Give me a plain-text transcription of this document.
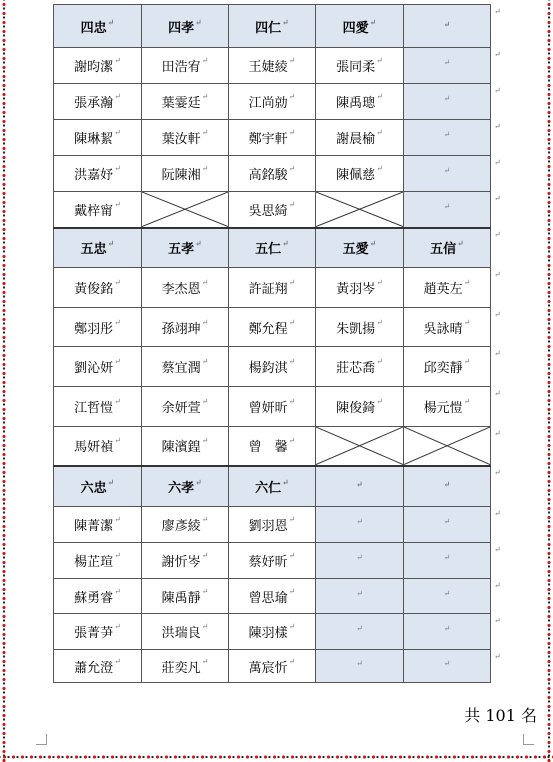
四忠↵	四孝↵	四仁↵	四愛↵	↵
謝昀潔↵	田浩宥↵	王婕綾↵	張同柔↵	↵
張承瀚↵	葉霎廷↵	江尚勍↵	陳禹璁↵	↵
陳琳絜↵	葉汝軒↵	鄭宇軒↵	謝晨榆↵	↵
洪嘉妤↵	阮陳湘↵	高銘駿↵	陳佩慈↵	↵
戴梓甯↵		吳思綺↵		↵
五忠↵	五孝↵	五仁↵	五愛↵	五信↵
黃俊銘↵	李杰恩↵	許証翔↵	黃羽岑↵	趙英左↵
鄭羽彤↵	孫翊珅↵	鄭允程↵	朱凱揚↵	吳詠晴↵
劉沁妍↵	蔡宜潤↵	楊鈞淇↵	莊芯喬↵	邱奕靜↵
江哲愷↵	余妍萱↵	曾妍昕↵	陳俊錡↵	楊元愷↵
馬妍禎↵	陳濱鍠↵	曾　馨↵	

六忠↵	六孝↵	六仁↵	↵	↵
陳菁潔↵	廖彥綾↵	劉羽恩↵	↵	↵
楊芷瑄↵	謝忻岑↵	蔡妤昕↵	↵	↵
蘇勇睿↵	陳禹靜↵	曾思瑜↵	↵	↵
張菁芛↵	洪瑞良↵	陳羽樣↵	↵	↵
蕭允澄↵	莊奕凡↵	萬宸忻↵	↵	↵
↵
↵
↵
↵
↵
↵
↵
↵
↵
↵
↵
↵
↵
↵
↵
↵
↵
↵
共 101 名
